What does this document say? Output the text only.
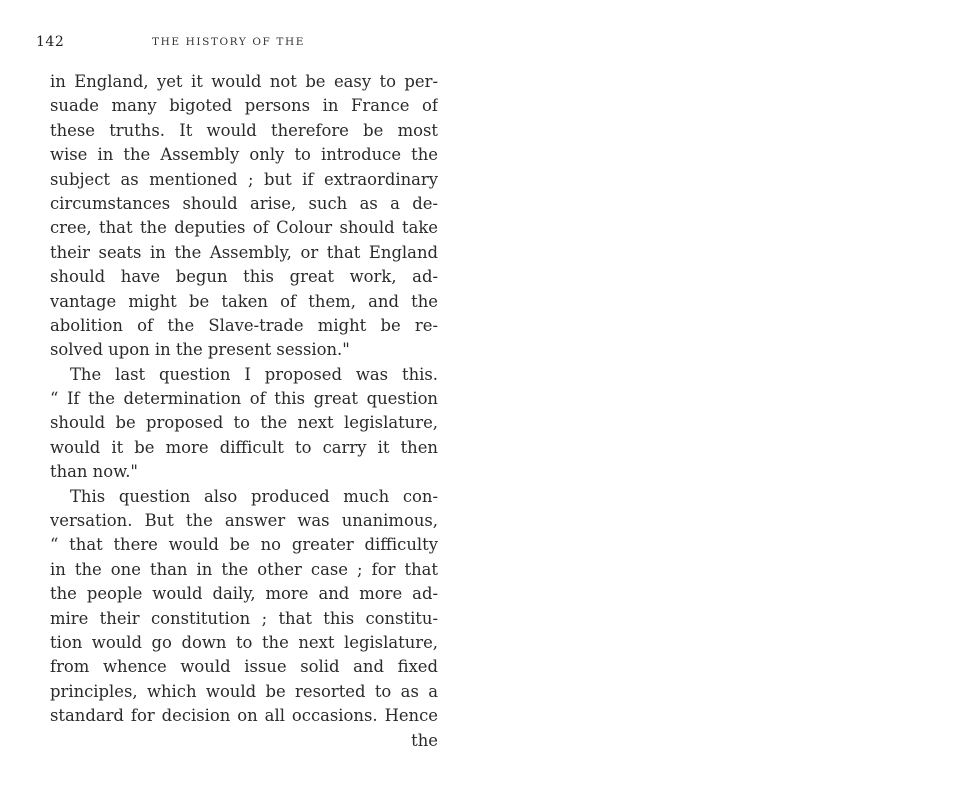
142	THE HISTORY OF THE
in England, yet it would not be easy to per-
suade many bigoted persons in France of
these truths. It would therefore be most
wise in the Assembly only to introduce the
subject as mentioned ; but if extraordinary
circumstances should arise, such as a de-
cree, that the deputies of Colour should take
their seats in the Assembly, or that England
should have begun this great work, ad-
vantage might be taken of them, and the
abolition of the Slave-trade might be re-
solved upon in the present session."
The last question I proposed was this.
“ If the determination of this great question
should be proposed to the next legislature,
would it be more difficult to carry it then
than now."
This question also produced much con-
versation. But the answer was unanimous,
“ that there would be no greater difficulty
in the one than in the other case ; for that
the people would daily, more and more ad-
mire their constitution ; that this constitu-
tion would go down to the next legislature,
from whence would issue solid and fixed
principles, which would be resorted to as a
standard for decision on all occasions. Hence
the
